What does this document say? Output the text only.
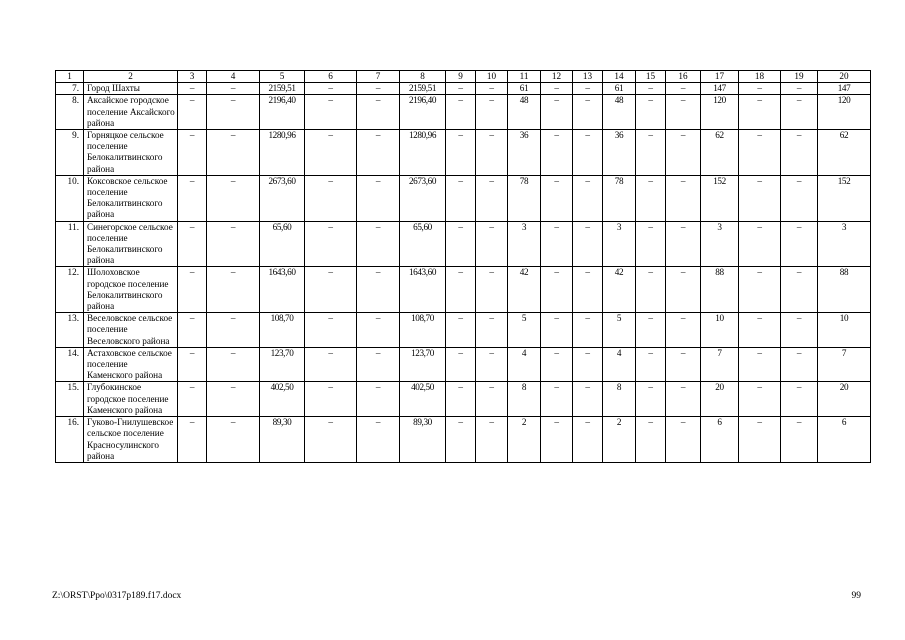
1	2	3	4	5	6	7	8	9	10	11	12	13	14	15	16	17	18	19	20
7.	Город Шахты	–	–	2159,51	–	–	2159,51	–	–	61	–	–	61	–	–	147	–	–	147
8.	Аксайское городское поселение Аксайского района	–	–	2196,40	–	–	2196,40	–	–	48	–	–	48	–	–	120	–	–	120
9.	Горняцкое сельское поселение Белокалитвинского района	–	–	1280,96	–	–	1280,96	–	–	36	–	–	36	–	–	62	–	–	62
10.	Коксовское сельское поселение Белокалитвинского района	–	–	2673,60	–	–	2673,60	–	–	78	–	–	78	–	–	152	–	–	152
11.	Синегорское сельское поселение Белокалитвинского района	–	–	65,60	–	–	65,60	–	–	3	–	–	3	–	–	3	–	–	3
12.	Шолоховское городское поселение Белокалитвинского района	–	–	1643,60	–	–	1643,60	–	–	42	–	–	42	–	–	88	–	–	88
13.	Веселовское сельское поселение Веселовского района	–	–	108,70	–	–	108,70	–	–	5	–	–	5	–	–	10	–	–	10
14.	Астаховское сельское поселение Каменского района	–	–	123,70	–	–	123,70	–	–	4	–	–	4	–	–	7	–	–	7
15.	Глубокинское городское поселение Каменского района	–	–	402,50	–	–	402,50	–	–	8	–	–	8	–	–	20	–	–	20
16.	Гуково-Гнилушевское сельское поселение Красносулинского района	–	–	89,30	–	–	89,30	–	–	2	–	–	2	–	–	6	–	–	6
Z:\ORST\Ppo\0317p189.f17.docx	99
